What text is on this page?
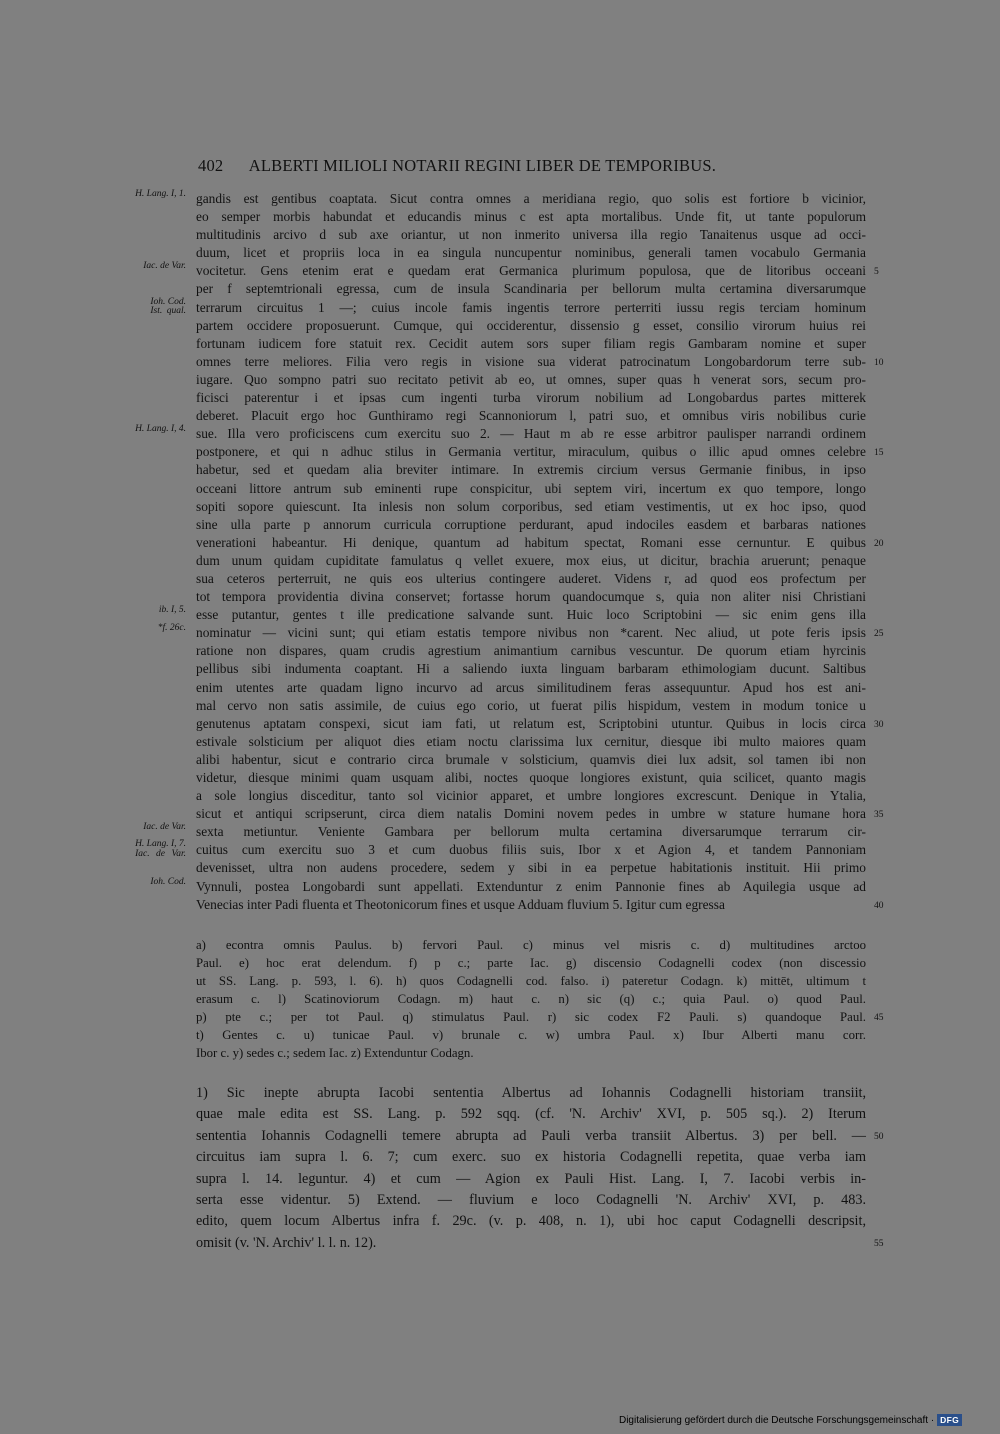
402 ALBERTI MILIOLI NOTARII REGINI LIBER DE TEMPORIBUS.
gandis est gentibus coaptata. Sicut contra omnes a meridiana regio, quo solis est fortiore b vicinior,
H. Lang. I, 1.
eo semper morbis habundat et educandis minus c est apta mortalibus. Unde fit, ut tante populorum
multitudinis arcivo d sub axe oriantur, ut non inmerito universa illa regio Tanaitenus usque ad occi-
duum, licet et propriis loca in ea singula nuncupentur nominibus, generali tamen vocabulo Germania
vocitetur. Gens etenim erat e quedam erat Germanica plurimum populosa, que de litoribus occeani
Iac. de Var.
5
per f septemtrionali egressa, cum de insula Scandinaria per bellorum multa certamina diversarumque
terrarum circuitus 1 —; cuius incole famis ingentis terrore perterriti iussu regis terciam hominum
Ioh. Cod.
Ist. qual.
partem occidere proposuerunt. Cumque, qui occiderentur, dissensio g esset, consilio virorum huius rei
fortunam iudicem fore statuit rex. Cecidit autem sors super filiam regis Gambaram nomine et super
omnes terre meliores. Filia vero regis in visione sua viderat patrocinatum Longobardorum terre sub- 10
iugare. Quo sompno patri suo recitato petivit ab eo, ut omnes, super quas h venerat sors, secum pro-
ficisci paterentur i et ipsas cum ingenti turba virorum nobilium ad Longobardus partes mitterek
deberet. Placuit ergo hoc Gunthiramo regi Scannoniorum l, patri suo, et omnibus viris nobilibus curie
sue. Illa vero proficiscens cum exercitu suo 2. — Haut m ab re esse arbitror paulisper narrandi ordinem
H. Lang. I, 4.
postponere, et qui n adhuc stilus in Germania vertitur, miraculum, quibus o illic apud omnes celebre 15
habetur, sed et quedam alia breviter intimare. In extremis circium versus Germanie finibus, in ipso
occeani littore antrum sub eminenti rupe conspicitur, ubi septem viri, incertum ex quo tempore, longo
sopiti sopore quiescunt. Ita inlesis non solum corporibus, sed etiam vestimentis, ut ex hoc ipso, quod
sine ulla parte p annorum curricula corruptione perdurant, apud indociles easdem et barbaras nationes
venerationi habeantur. Hi denique, quantum ad habitum spectat, Romani esse cernuntur. E quibus 20
dum unum quidam cupiditate famulatus q vellet exuere, mox eius, ut dicitur, brachia aruerunt; penaque
sua ceteros perterruit, ne quis eos ulterius contingere auderet. Videns r, ad quod eos profectum per
tot tempora providentia divina conservet; fortasse horum quandocumque s, quia non aliter nisi Christiani
esse putantur, gentes t ille predicatione salvande sunt. Huic loco Scriptobini — sic enim gens illa
ib. I, 5.
nominatur — vicini sunt; qui etiam estatis tempore nivibus non *carent. Nec aliud, ut pote feris ipsis
*f. 26c.
25
ratione non dispares, quam crudis agrestium animantium carnibus vescuntur. De quorum etiam hyrcinis
pellibus sibi indumenta coaptant. Hi a saliendo iuxta linguam barbaram ethimologiam ducunt. Saltibus
enim utentes arte quadam ligno incurvo ad arcus similitudinem feras assequuntur. Apud hos est ani-
mal cervo non satis assimile, de cuius ego corio, ut fuerat pilis hispidum, vestem in modum tonice u
genutenus aptatam conspexi, sicut iam fati, ut relatum est, Scriptobini utuntur. Quibus in locis circa 30
estivale solsticium per aliquot dies etiam noctu clarissima lux cernitur, diesque ibi multo maiores quam
alibi habentur, sicut e contrario circa brumale v solsticium, quamvis diei lux adsit, sol tamen ibi non
videtur, diesque minimi quam usquam alibi, noctes quoque longiores existunt, quia scilicet, quanto magis
a sole longius disceditur, tanto sol vicinior apparet, et umbre longiores excrescunt. Denique in Ytalia,
sicut et antiqui scripserunt, circa diem natalis Domini novem pedes in umbre w stature humane hora 35
sexta metiuntur. Veniente Gambara per bellorum multa certamina diversarumque terrarum cir-
Iac. de Var.
cuitus cum exercitu suo 3 et cum duobus filiis suis, Ibor x et Agion 4, et tandem Pannoniam
H. Lang. I, 7.
Iac. de Var.
devenisset, ultra non audens procedere, sedem y sibi in ea perpetue habitationis instituit. Hii primo
Vynnuli, postea Longobardi sunt appellati. Extenduntur z enim Pannonie fines ab Aquilegia usque ad
Ioh. Cod.
Venecias inter Padi fluenta et Theotonicorum fines et usque Adduam fluvium 5. Igitur cum egressa	40
a) econtra omnis Paulus. b) fervori Paul. c) minus vel misris c. d) multitudines arctoo
Paul. e) hoc erat delendum. f) p c.; parte Iac. g) discensio Codagnelli codex (non discessio
ut SS. Lang. p. 593, l. 6). h) quos Codagnelli cod. falso. i) pateretur Codagn. k) mittēt, ultimum t
erasum c. l) Scatinoviorum Codagn. m) haut c. n) sic (q) c.; quia Paul. o) quod Paul.
p) pte c.; per tot Paul. q) stimulatus Paul. r) sic codex F2 Pauli. s) quandoque Paul. 45
t) Gentes c. u) tunicae Paul. v) brunale c. w) umbra Paul. x) Ibur Alberti manu corr.
Ibor c. y) sedes c.; sedem Iac. z) Extenduntur Codagn.
1) Sic inepte abrupta Iacobi sententia Albertus ad Iohannis Codagnelli historiam transiit,
quae male edita est SS. Lang. p. 592 sqq. (cf. 'N. Archiv' XVI, p. 505 sq.). 2) Iterum
sententia Iohannis Codagnelli temere abrupta ad Pauli verba transiit Albertus. 3) per bell. — 50
circuitus iam supra l. 6. 7; cum exerc. suo ex historia Codagnelli repetita, quae verba iam
supra l. 14. leguntur. 4) et cum — Agion ex Pauli Hist. Lang. I, 7. Iacobi verbis in-
serta esse videntur. 5) Extend. — fluvium e loco Codagnelli 'N. Archiv' XVI, p. 483.
edito, quem locum Albertus infra f. 29c. (v. p. 408, n. 1), ubi hoc caput Codagnelli descripsit,
omisit (v. 'N. Archiv' l. l. n. 12).	55
Digitalisierung gefördert durch die Deutsche Forschungsgemeinschaft · DFG
